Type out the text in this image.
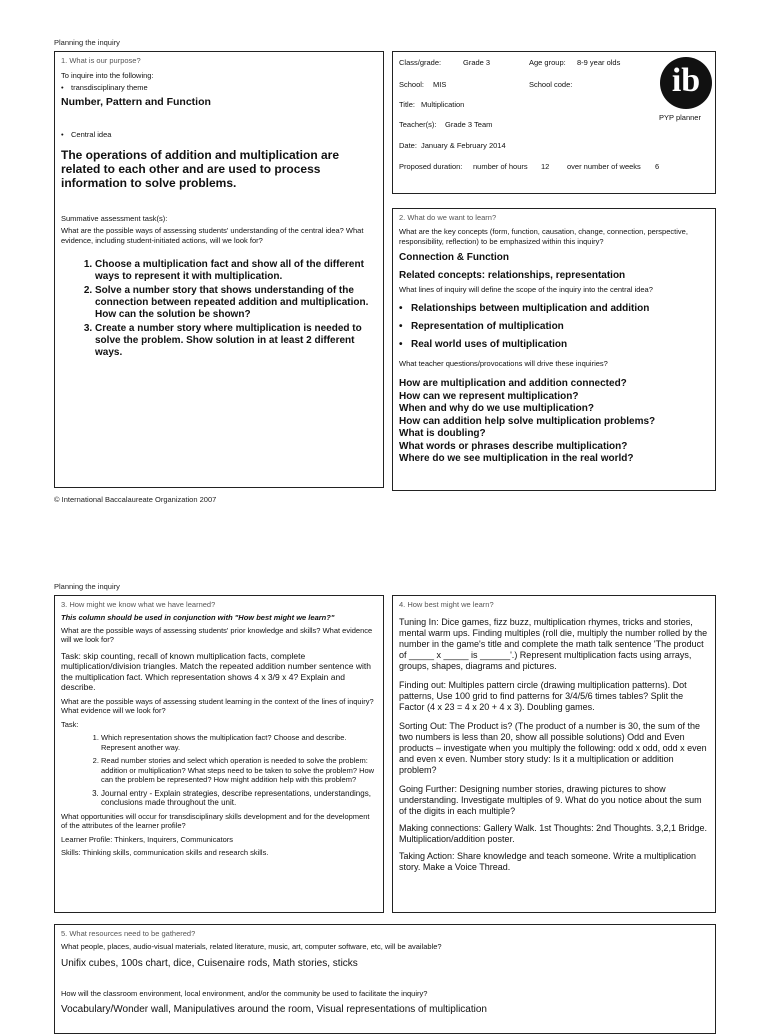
Planning the inquiry
1. What is our purpose?
To inquire into the following:
• transdisciplinary theme
Number, Pattern and Function
• Central idea
The operations of addition and multiplication are related to each other and are used to process information to solve problems.
Summative assessment task(s):
What are the possible ways of assessing students' understanding of the central idea? What evidence, including student-initiated actions, will we look for?
1. Choose a multiplication fact and show all of the different ways to represent it with multiplication.
2. Solve a number story that shows understanding of the connection between repeated addition and multiplication. How can the solution be shown?
3. Create a number story where multiplication is needed to solve the problem. Show solution in at least 2 different ways.
Class/grade:	Grade 3	Age group: 8-9 year olds
School: MIS	School code:
Title: Multiplication
Teacher(s): Grade 3 Team
Date: January & February 2014
Proposed duration: number of hours 12 over number of weeks 6
ib
PYP planner
2. What do we want to learn?
What are the key concepts (form, function, causation, change, connection, perspective, responsibility, reflection) to be emphasized within this inquiry?
Connection & Function
Related concepts: relationships, representation
What lines of inquiry will define the scope of the inquiry into the central idea?
• Relationships between multiplication and addition
• Representation of multiplication
• Real world uses of multiplication
What teacher questions/provocations will drive these inquiries?
How are multiplication and addition connected?
How can we represent multiplication?
When and why do we use multiplication?
How can addition help solve multiplication problems?
What is doubling?
What words or phrases describe multiplication?
Where do we see multiplication in the real world?
© International Baccalaureate Organization 2007
Planning the inquiry
3. How might we know what we have learned?
This column should be used in conjunction with "How best might we learn?"
What are the possible ways of assessing students' prior knowledge and skills? What evidence will we look for?
Task: skip counting, recall of known multiplication facts, complete multiplication/division triangles. Match the repeated addition number sentence with the multiplication fact. Which representation shows 4 x 3/9 x 4? Explain and describe.
What are the possible ways of assessing student learning in the context of the lines of inquiry? What evidence will we look for?
Task:
1. Which representation shows the multiplication fact? Choose and describe. Represent another way.
2. Read number stories and select which operation is needed to solve the problem: addition or multiplication? What steps need to be taken to solve the problem? How can the problem be represented? How might addition help with this problem?
3. Journal entry - Explain strategies, describe representations, understandings, conclusions made throughout the unit.
What opportunities will occur for transdisciplinary skills development and for the development of the attributes of the learner profile?
Learner Profile: Thinkers, Inquirers, Communicators
Skills: Thinking skills, communication skills and research skills.
4. How best might we learn?
Tuning In: Dice games, fizz buzz, multiplication rhymes, tricks and stories, mental warm ups. Finding multiples (roll die, multiply the number rolled by the number in the game's title and complete the math talk sentence 'The product of _____ x _____ is ______'.) Represent multiplication facts using arrays, groups, shapes, diagrams and pictures.
Finding out: Multiples pattern circle (drawing multiplication patterns). Dot patterns, Use 100 grid to find patterns for 3/4/5/6 times tables? Split the Factor (4 x 23 = 4 x 20 + 4 x 3). Doubling games.
Sorting Out: The Product is? (The product of a number is 30, the sum of the two numbers is less than 20, show all possible solutions) Odd and Even products – investigate when you multiply the following: odd x odd, odd x even and even x even. Number story study: Is it a multiplication or addition problem?
Going Further: Designing number stories, drawing pictures to show understanding. Investigate multiples of 9. What do you notice about the sum of the digits in each multiple?
Making connections: Gallery Walk. 1st Thoughts: 2nd Thoughts. 3,2,1 Bridge. Multiplication/addition poster.
Taking Action: Share knowledge and teach someone. Write a multiplication story. Make a Voice Thread.
5. What resources need to be gathered?
What people, places, audio-visual materials, related literature, music, art, computer software, etc, will be available?
Unifix cubes, 100s chart, dice, Cuisenaire rods, Math stories, sticks
How will the classroom environment, local environment, and/or the community be used to facilitate the inquiry?
Vocabulary/Wonder wall, Manipulatives around the room, Visual representations of multiplication
